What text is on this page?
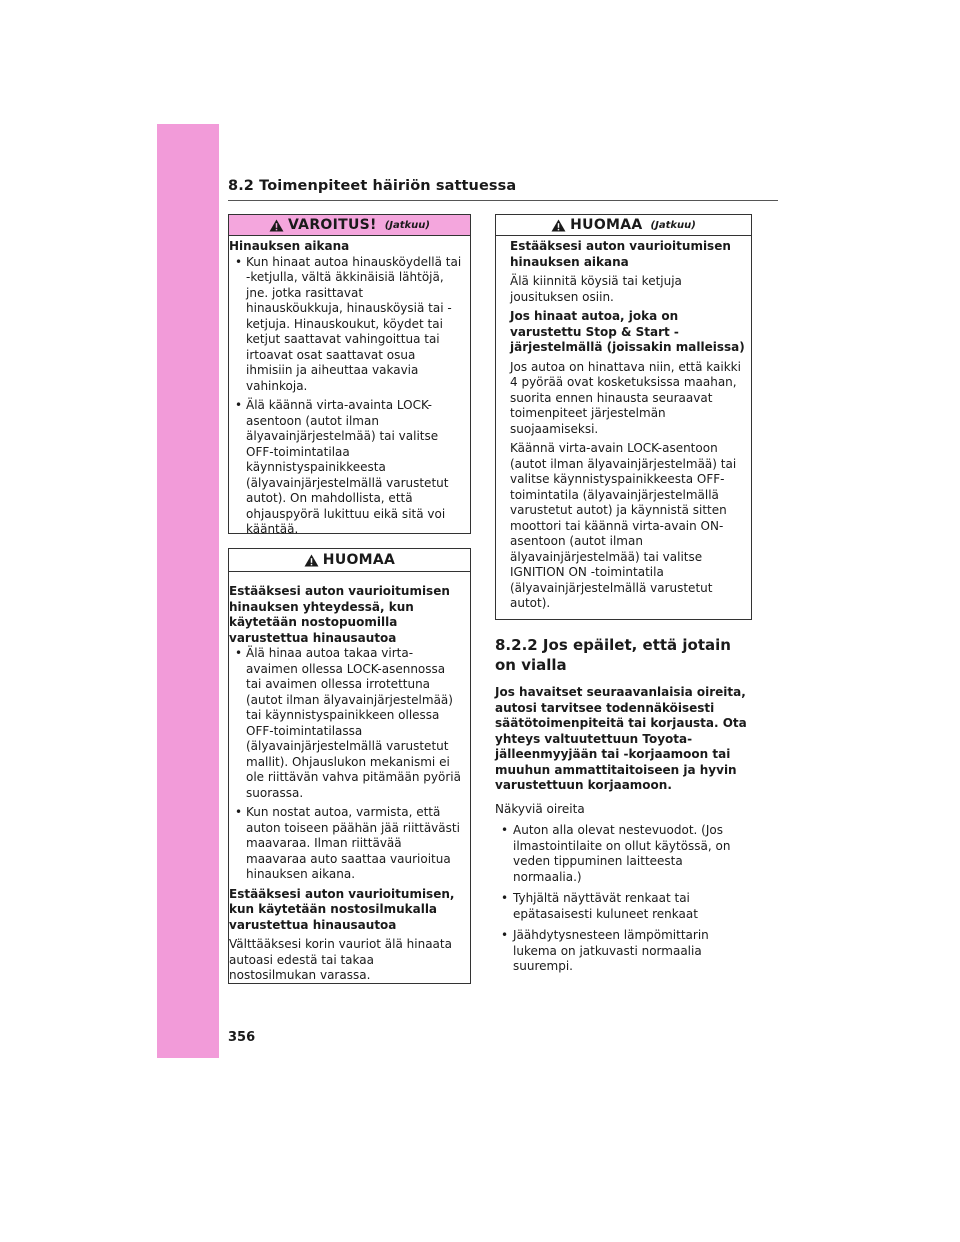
8.2 Toimenpiteet häiriön sattuessa
VAROITUS! (Jatkuu)
Hinauksen aikana
• Kun hinaat autoa hinausköydellä tai -ketjulla, vältä äkkinäisiä lähtöjä, jne. jotka rasittavat hinausköukkuja, hinausköysiä tai -ketjuja. Hinauskoukut, köydet tai ketjut saattavat vahingoittua tai irtoavat osat saattavat osua ihmisiin ja aiheuttaa vakavia vahinkoja.
• Älä käännä virta-avainta LOCK-asentoon (autot ilman älyavainjärjestelmää) tai valitse OFF-toimintatilaa käynnistyspainikkeesta (älyavainjärjestelmällä varustetut autot). On mahdollista, että ohjauspyörä lukittuu eikä sitä voi kääntää.
HUOMAA
Estääksesi auton vaurioitumisen hinauksen yhteydessä, kun käytetään nostopuomilla varustettua hinausautoa
• Älä hinaa autoa takaa virta-avaimen ollessa LOCK-asennossa tai avaimen ollessa irrotettuna (autot ilman älyavainjärjestelmää) tai käynnistyspainikkeen ollessa OFF-toimintatilassa (älyavainjärjestelmällä varustetut mallit). Ohjauslukon mekanismi ei ole riittävän vahva pitämään pyöriä suorassa.
• Kun nostat autoa, varmista, että auton toiseen päähän jää riittävästi maavaraa. Ilman riittävää maavaraa auto saattaa vaurioitua hinauksen aikana.
Estääksesi auton vaurioitumisen, kun käytetään nostosilmukalla varustettua hinausautoa

Välttääksesi korin vauriot älä hinaata autoasi edestä tai takaa nostosilmukan varassa.

HUOMAA (Jatkuu)
Estääksesi auton vaurioitumisen hinauksen aikana

Älä kiinnitä köysiä tai ketjuja jousituksen osiin.

Jos hinaat autoa, joka on varustettu Stop & Start -järjestelmällä (joissakin malleissa)

Jos autoa on hinattava niin, että kaikki 4 pyörää ovat kosketuksissa maahan, suorita ennen hinausta seuraavat toimenpiteet järjestelmän suojaamiseksi.

Käännä virta-avain LOCK-asentoon (autot ilman älyavainjärjestelmää) tai valitse käynnistyspainikkeesta OFF-toimintatila (älyavainjärjestelmällä varustetut autot) ja käynnistä sitten moottori tai käännä virta-avain ON-asentoon (autot ilman älyavainjärjestelmää) tai valitse IGNITION ON -toimintatila (älyavainjärjestelmällä varustetut autot).

8.2.2 Jos epäilet, että jotain on vialla

Jos havaitset seuraavanlaisia oireita, autosi tarvitsee todennäköisesti säätötoimenpiteitä tai korjausta. Ota yhteys valtuutettuun Toyota-jälleenmyyjään tai -korjaamoon tai muuhun ammattitaitoiseen ja hyvin varustettuun korjaamoon.

Näkyviä oireita

• Auton alla olevat nestevuodot. (Jos ilmastointilaite on ollut käytössä, on veden tippuminen laitteesta normaalia.)
• Tyhjältä näyttävät renkaat tai epätasaisesti kuluneet renkaat
• Jäähdytysnesteen lämpömittarin lukema on jatkuvasti normaalia suurempi.
356
